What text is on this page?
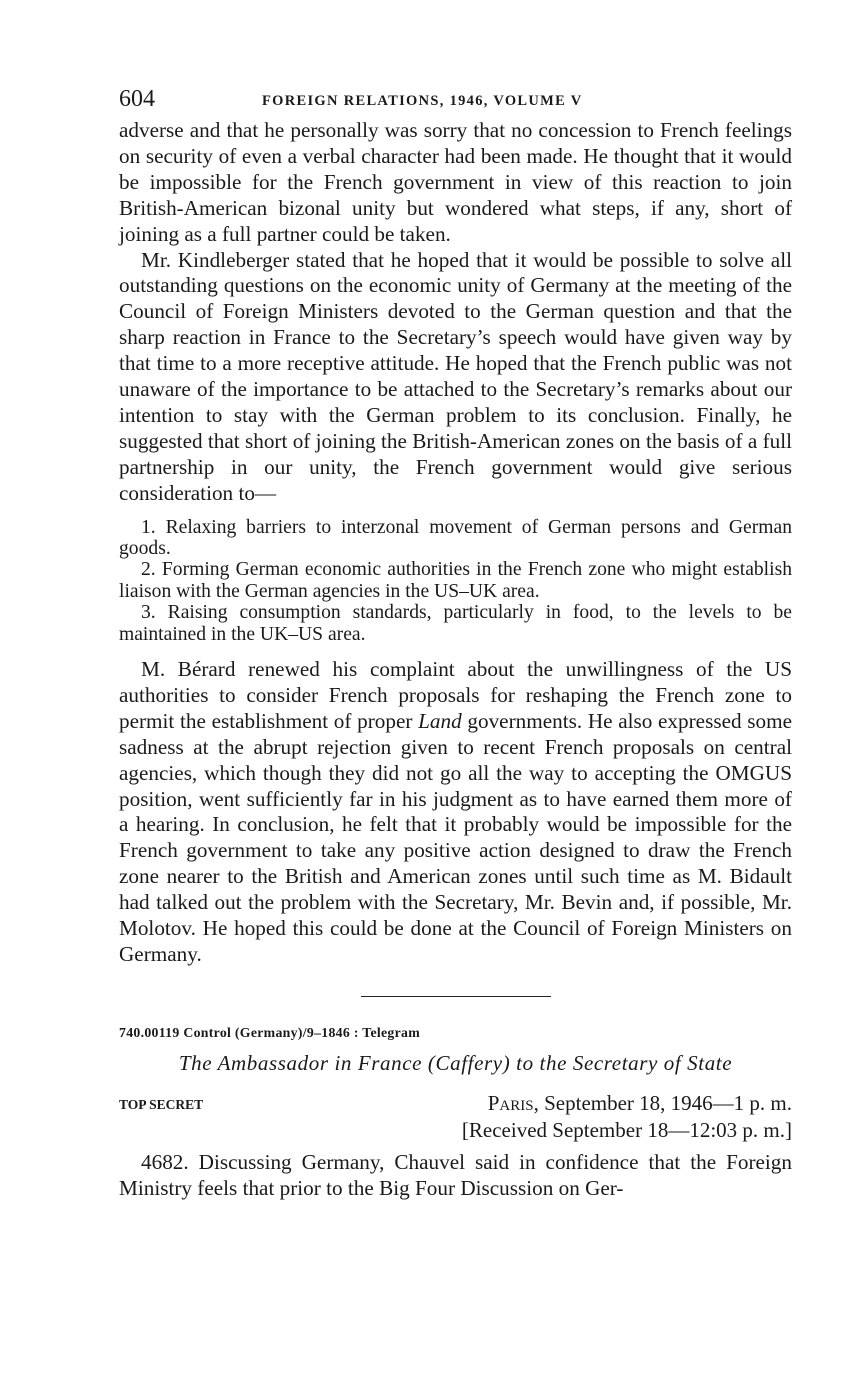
604	FOREIGN RELATIONS, 1946, VOLUME V

adverse and that he personally was sorry that no concession to French feelings on security of even a verbal character had been made. He thought that it would be impossible for the French government in view of this reaction to join British-American bizonal unity but wondered what steps, if any, short of joining as a full partner could be taken.

Mr. Kindleberger stated that he hoped that it would be possible to solve all outstanding questions on the economic unity of Germany at the meeting of the Council of Foreign Ministers devoted to the German question and that the sharp reaction in France to the Secretary’s speech would have given way by that time to a more receptive attitude. He hoped that the French public was not unaware of the importance to be attached to the Secretary’s remarks about our intention to stay with the German problem to its conclusion. Finally, he suggested that short of joining the British-American zones on the basis of a full partnership in our unity, the French government would give serious consideration to—

1. Relaxing barriers to interzonal movement of German persons and German goods.
2. Forming German economic authorities in the French zone who might establish liaison with the German agencies in the US–UK area.
3. Raising consumption standards, particularly in food, to the levels to be maintained in the UK–US area.

M. Bérard renewed his complaint about the unwillingness of the US authorities to consider French proposals for reshaping the French zone to permit the establishment of proper Land governments. He also expressed some sadness at the abrupt rejection given to recent French proposals on central agencies, which though they did not go all the way to accepting the OMGUS position, went sufficiently far in his judgment as to have earned them more of a hearing. In conclusion, he felt that it probably would be impossible for the French government to take any positive action designed to draw the French zone nearer to the British and American zones until such time as M. Bidault had talked out the problem with the Secretary, Mr. Bevin and, if possible, Mr. Molotov. He hoped this could be done at the Council of Foreign Ministers on Germany.

740.00119 Control (Germany)/9–1846 : Telegram
The Ambassador in France (Caffery) to the Secretary of State
TOP SECRET	Paris, September 18, 1946—1 p. m.
[Received September 18—12:03 p. m.]

4682. Discussing Germany, Chauvel said in confidence that the Foreign Ministry feels that prior to the Big Four Discussion on Ger-
